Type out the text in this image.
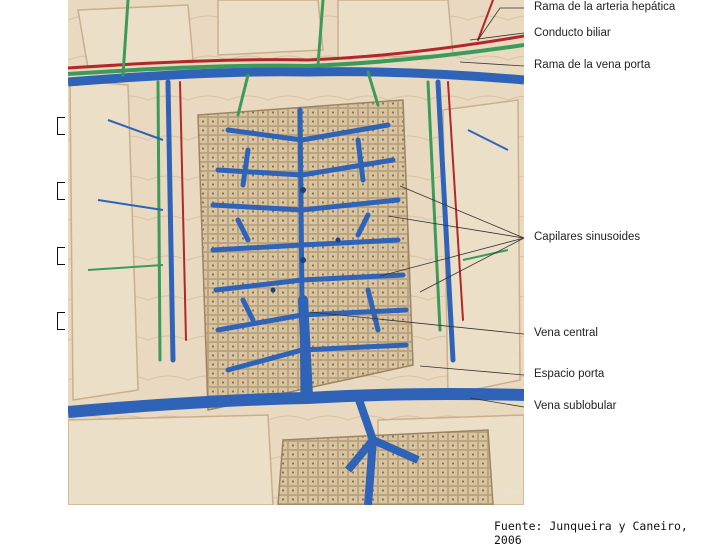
Rama de la arteria hepática
Conducto biliar
Rama de la vena porta
Capilares sinusoides
Vena central
Espacio porta
Vena sublobular
Fuen
Fuente: Junqueira y Caneiro, 2006
